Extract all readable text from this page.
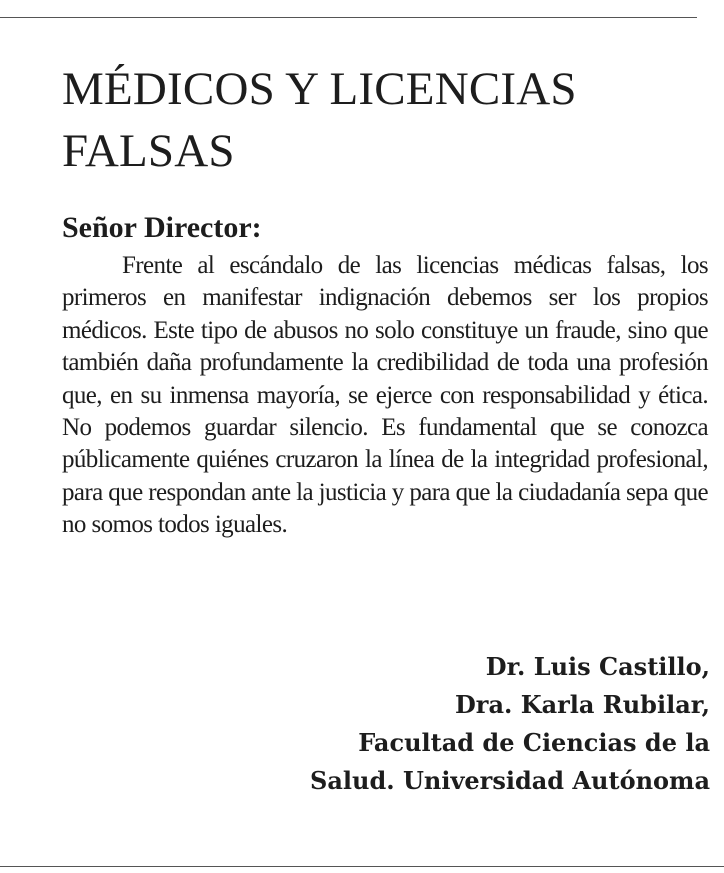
MÉDICOS Y LICENCIAS FALSAS

Señor Director:

Frente al escándalo de las licencias médicas falsas, los primeros en manifestar indignación debemos ser los propios médicos. Este tipo de abusos no solo constituye un fraude, sino que también daña profundamente la credibilidad de toda una profesión que, en su inmensa mayoría, se ejerce con responsabilidad y ética. No podemos guardar silencio. Es fundamental que se conozca públicamente quiénes cruzaron la línea de la integridad profesional, para que respondan ante la justicia y para que la ciudadanía sepa que no somos todos iguales.

Dr. Luis Castillo,
Dra. Karla Rubilar,
Facultad de Ciencias de la
Salud. Universidad Autónoma
